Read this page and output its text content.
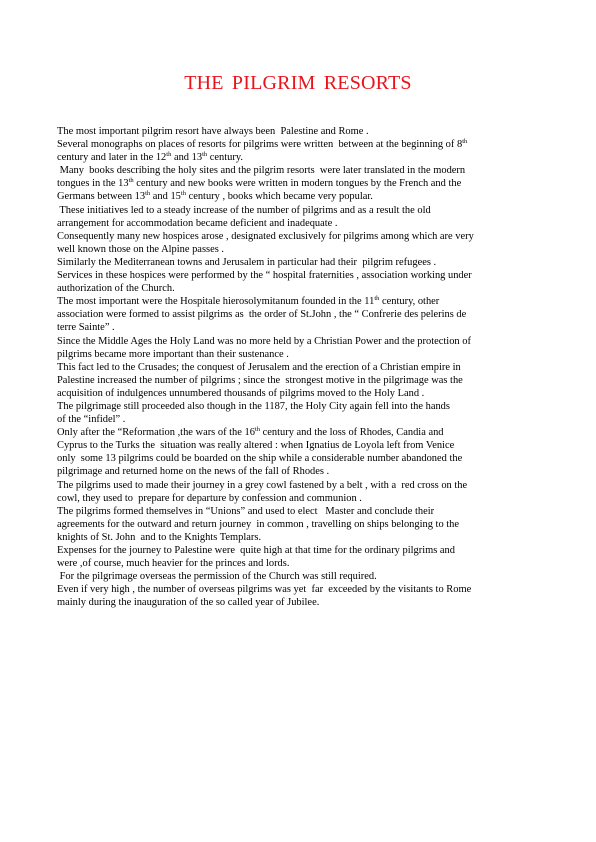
THE PILGRIM RESORTS
The most important pilgrim resort have always been  Palestine and Rome .
Several monographs on places of resorts for pilgrims were written  between at the beginning of 8th
century and later in the 12th and 13th century.
Many  books describing the holy sites and the pilgrim resorts  were later translated in the modern
tongues in the 13th century and new books were written in modern tongues by the French and the
Germans between 13th and 15th century , books which became very popular.
These initiatives led to a steady increase of the number of pilgrims and as a result the old
arrangement for accommodation became deficient and inadequate .
Consequently many new hospices arose , designated exclusively for pilgrims among which are very
well known those on the Alpine passes .
Similarly the Mediterranean towns and Jerusalem in particular had their  pilgrim refugees .
Services in these hospices were performed by the “ hospital fraternities , association working under
authorization of the Church.
The most important were the Hospitale hierosolymitanum founded in the 11th century, other
association were formed to assist pilgrims as  the order of St.John , the “ Confrerie des pelerins de
terre Sainte” .
Since the Middle Ages the Holy Land was no more held by a Christian Power and the protection of
pilgrims became more important than their sustenance .
This fact led to the Crusades; the conquest of Jerusalem and the erection of a Christian empire in
Palestine increased the number of pilgrims ; since the  strongest motive in the pilgrimage was the
acquisition of indulgences unnumbered thousands of pilgrims moved to the Holy Land .
The pilgrimage still proceeded also though in the 1187, the Holy City again fell into the hands
of the “infidel” .
Only after the “Reformation ,the wars of the 16th century and the loss of Rhodes, Candia and
Cyprus to the Turks the  situation was really altered : when Ignatius de Loyola left from Venice
only  some 13 pilgrims could be boarded on the ship while a considerable number abandoned the
pilgrimage and returned home on the news of the fall of Rhodes .
The pilgrims used to made their journey in a grey cowl fastened by a belt , with a  red cross on the
cowl, they used to  prepare for departure by confession and communion .
The pilgrims formed themselves in “Unions” and used to elect   Master and conclude their
agreements for the outward and return journey  in common , travelling on ships belonging to the
knights of St. John  and to the Knights Templars.
Expenses for the journey to Palestine were  quite high at that time for the ordinary pilgrims and
were ,of course, much heavier for the princes and lords.
For the pilgrimage overseas the permission of the Church was still required.
Even if very high , the number of overseas pilgrims was yet  far  exceeded by the visitants to Rome
mainly during the inauguration of the so called year of Jubilee.
